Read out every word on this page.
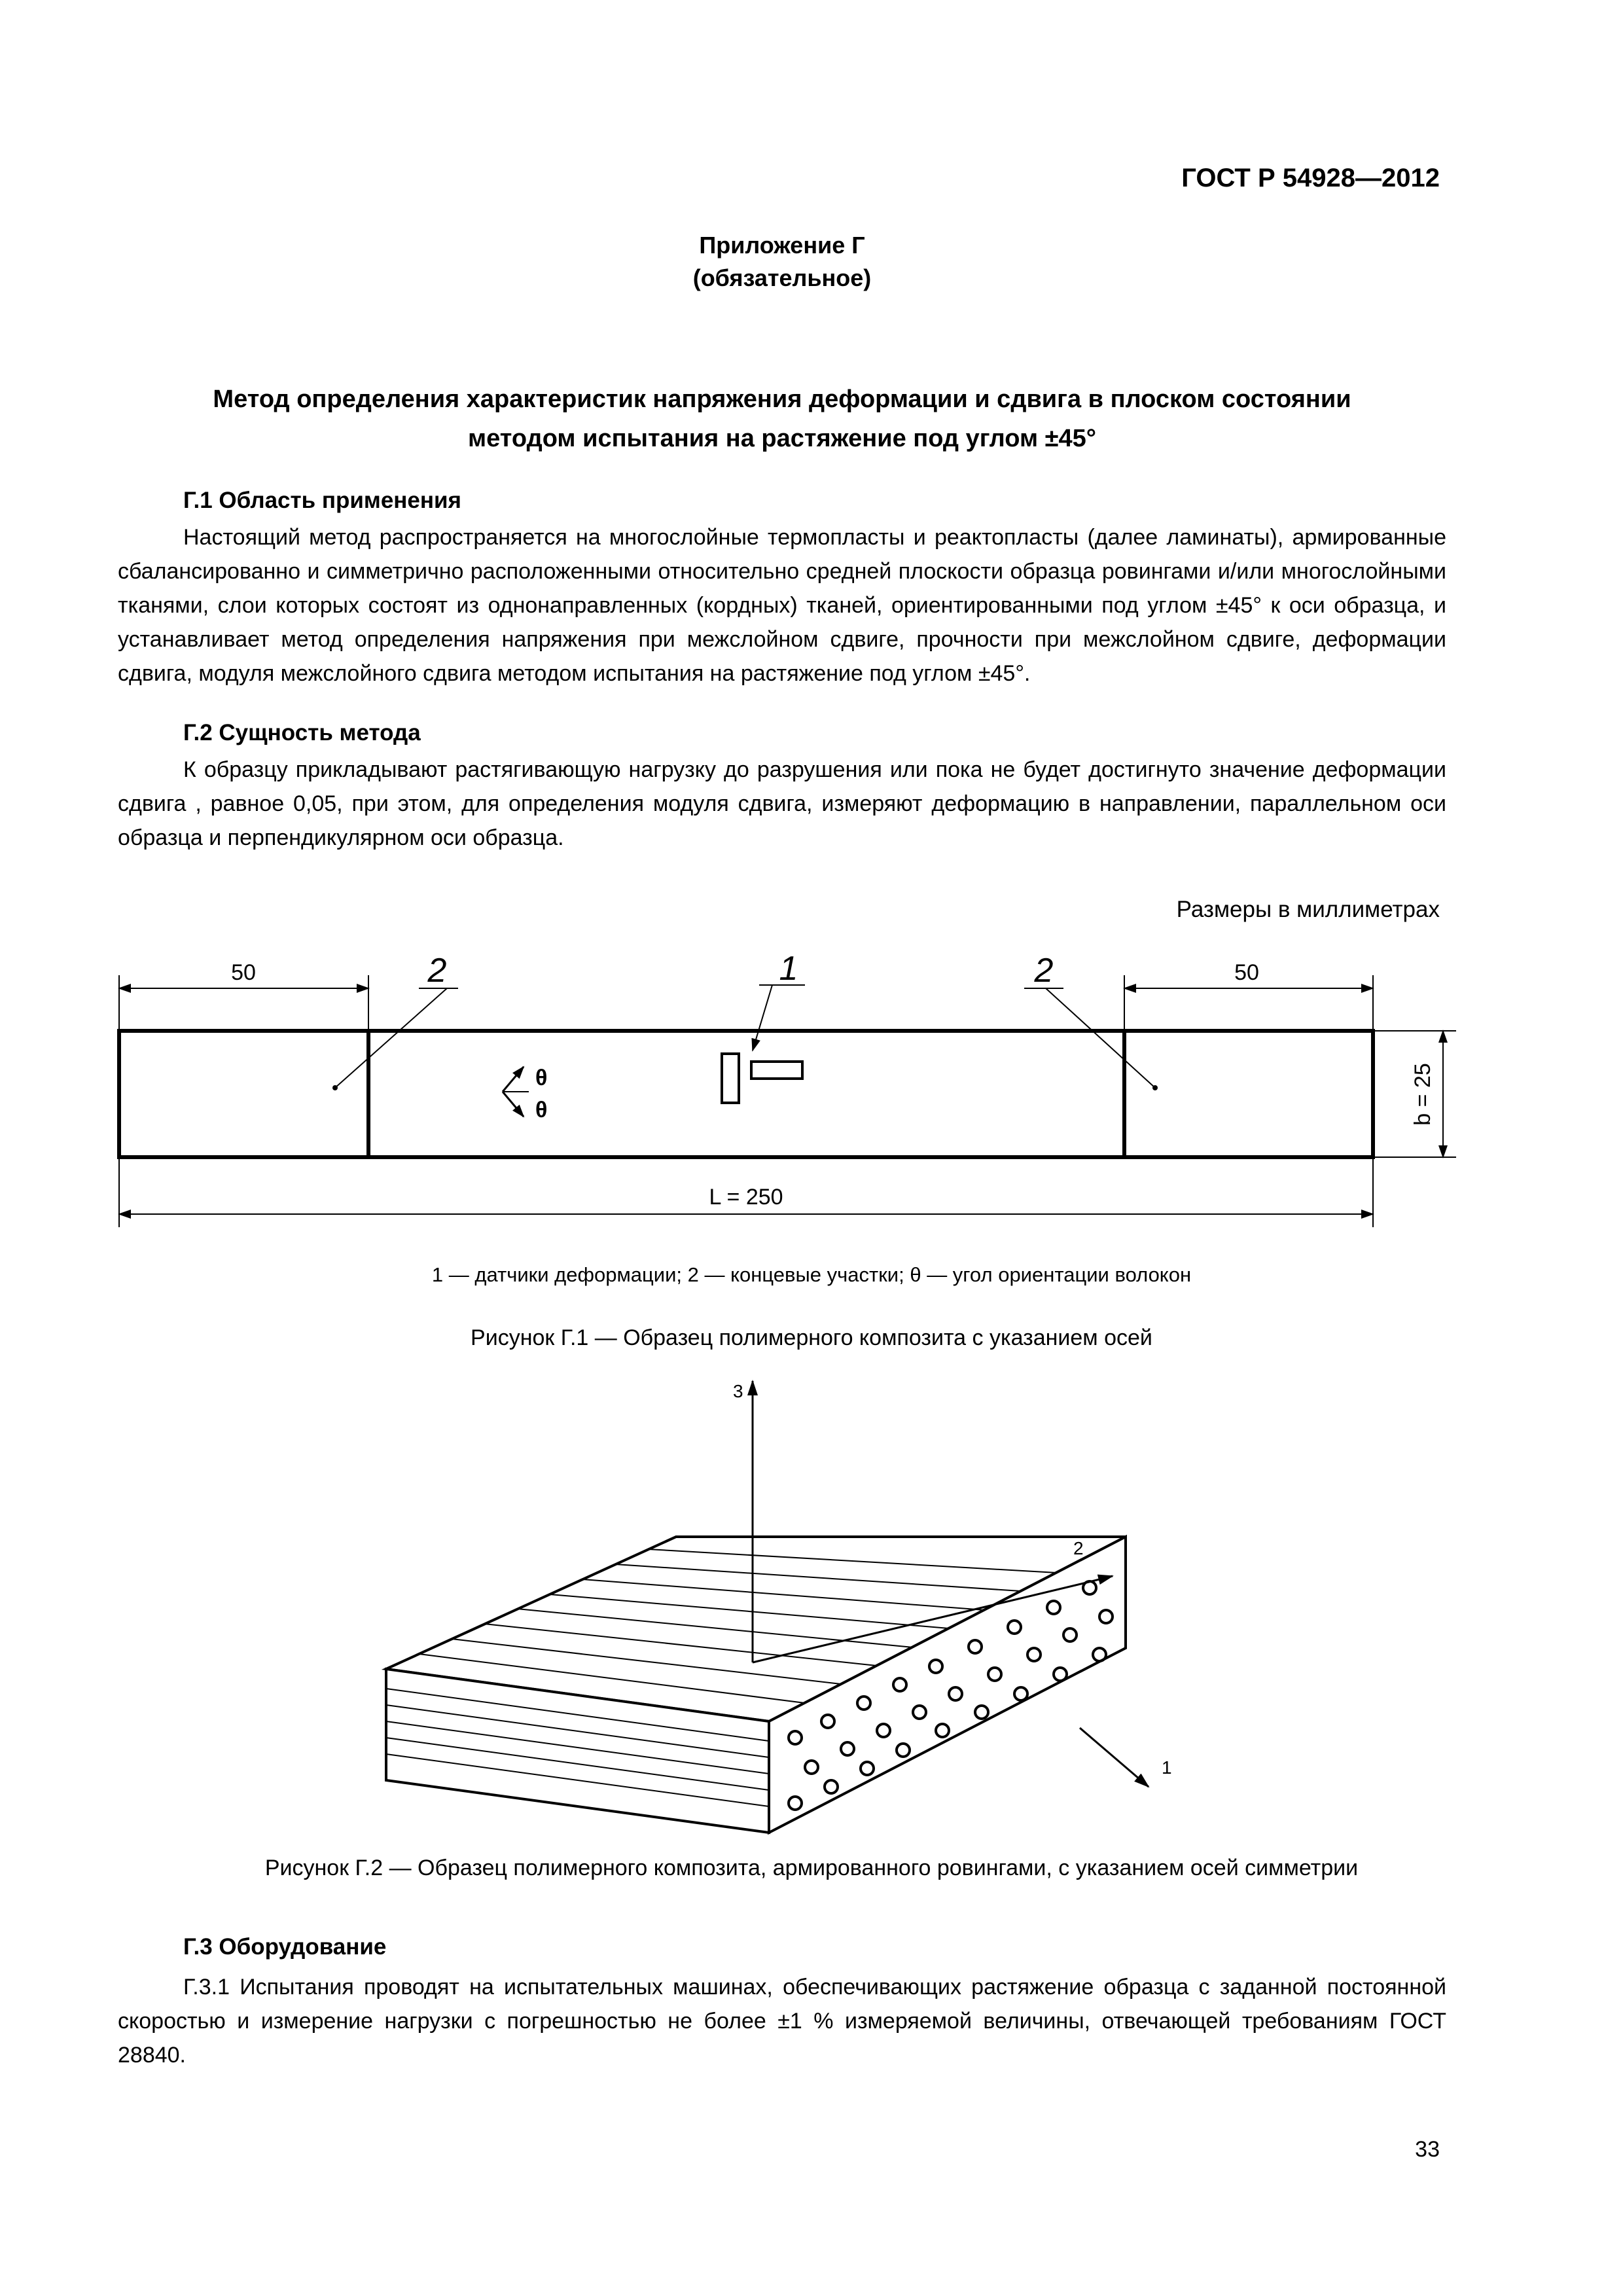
ГОСТ Р 54928—2012
Приложение Г
(обязательное)
Метод определения характеристик напряжения деформации и сдвига в плоском состоянии
методом испытания на растяжение под углом ±45°
Г.1 Область применения
Настоящий метод распространяется на многослойные термопласты и реактопласты (далее ламинаты), армированные сбалансированно и симметрично расположенными относительно средней плоскости образца ровингами и/или многослойными тканями, слои которых состоят из однонаправленных (кордных) тканей, ориентированными под углом ±45° к оси образца, и устанавливает метод определения напряжения при межслойном сдвиге, прочности при межслойном сдвиге, деформации сдвига, модуля межслойного сдвига методом испытания на растяжение под углом ±45°.
Г.2 Сущность метода
К образцу прикладывают растягивающую нагрузку до разрушения или пока не будет достигнуто значение деформации сдвига , равное 0,05, при этом, для определения модуля сдвига, измеряют деформацию в направлении, параллельном оси образца и перпендикулярном оси образца.
Размеры в миллиметрах
50	50
2	2
1
θ
θ	b = 25
L = 250
1 — датчики деформации; 2 — концевые участки; θ — угол ориентации волокон
Рисунок Г.1 — Образец полимерного композита с указанием осей
3
2
1
Рисунок Г.2 — Образец полимерного композита, армированного ровингами, с указанием осей симметрии
Г.3 Оборудование
Г.3.1 Испытания проводят на испытательных машинах, обеспечивающих растяжение образца с заданной постоянной скоростью и измерение нагрузки с погрешностью не более ±1 % измеряемой величины, отвечающей требованиям ГОСТ 28840.
33
